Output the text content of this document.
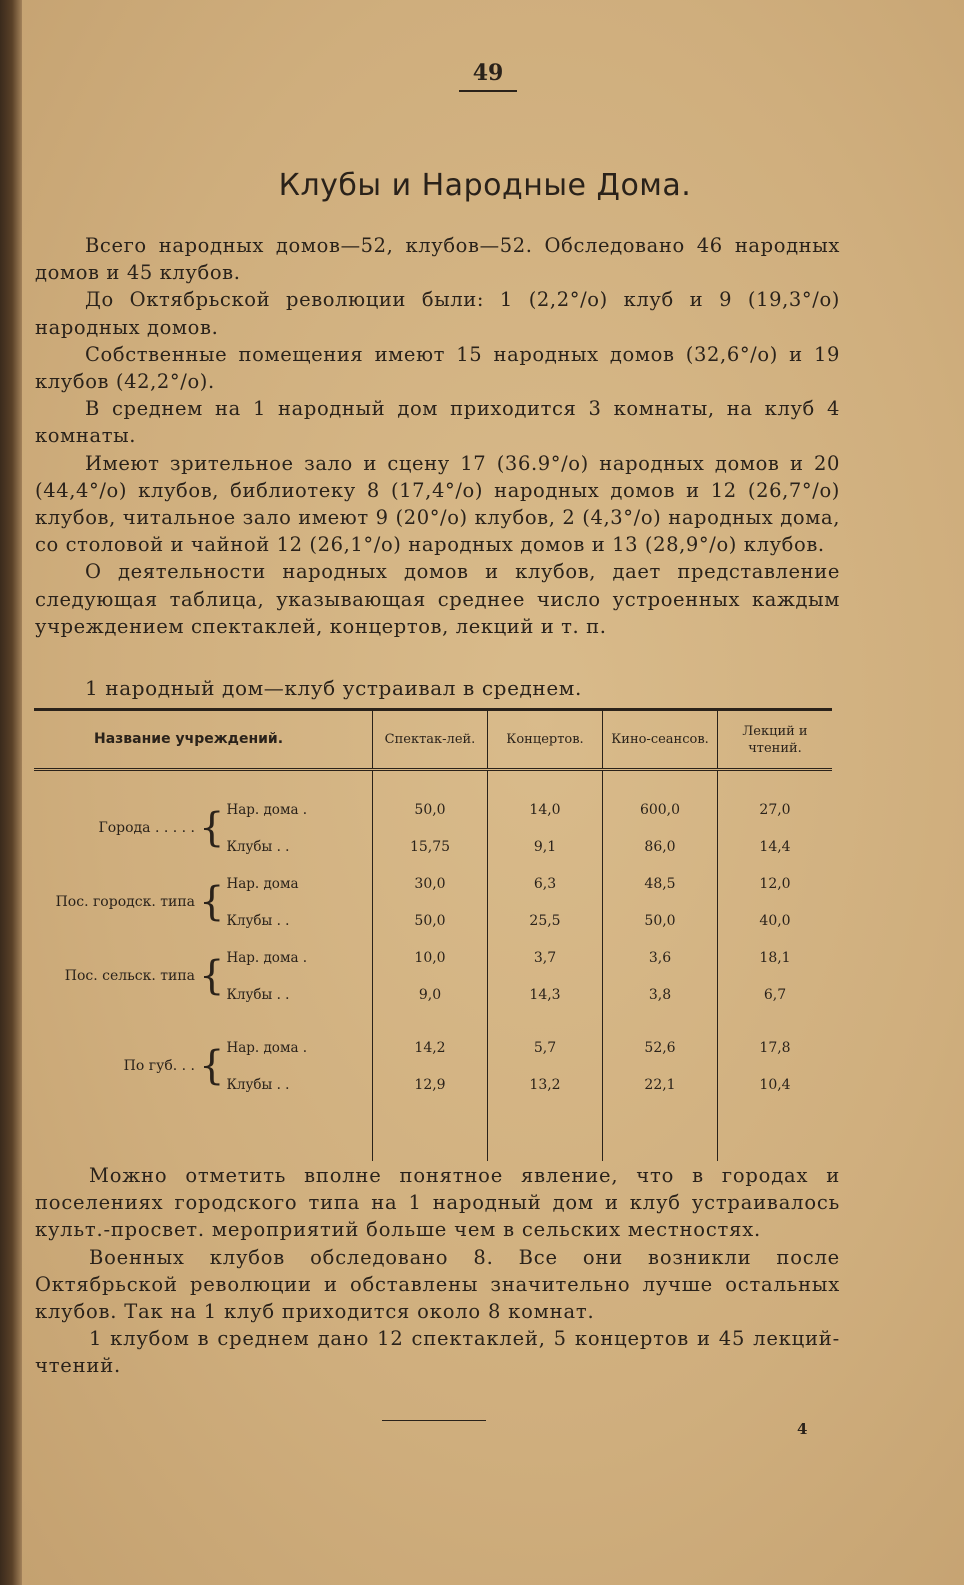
49
Клубы и Народные Дома.

Всего народных домов—52, клубов—52. Обследовано 46 народных домов и 45 клубов.

До Октябрьской революции были: 1 (2,2°/о) клуб и 9 (19,3°/о) народных домов.

Собственные помещения имеют 15 народных домов (32,6°/о) и 19 клубов (42,2°/о).

В среднем на 1 народный дом приходится 3 комнаты, на клуб 4 комнаты.

Имеют зрительное зало и сцену 17 (36.9°/о) народных домов и 20 (44,4°/о) клубов, библиотеку 8 (17,4°/о) народных домов и 12 (26,7°/о) клубов, читальное зало имеют 9 (20°/о) клубов, 2 (4,3°/о) народных дома, со столовой и чайной 12 (26,1°/о) народных домов и 13 (28,9°/о) клубов.

О деятельности народных домов и клубов, дает представление следующая таблица, указывающая среднее число устроенных каждым учреждением спектаклей, концертов, лекций и т. п.

1 народный дом—клуб устраивал в среднем.
Название учреждений.			Спектак-лей.	Концертов.	Кино-сеансов.	Лекций и чтений.

Города . . . . .	{	Нар. дома .	50,0	14,0	600,0	27,0
		Клубы . .	15,75	9,1	86,0	14,4
Пос. городск. типа	{	Нар. дома	30,0	6,3	48,5	12,0
		Клубы . .	50,0	25,5	50,0	40,0
Пос. сельск. типа	{	Нар. дома .	10,0	3,7	3,6	18,1
		Клубы . .	9,0	14,3	3,8	6,7

По губ. . .	{	Нар. дома .	14,2	5,7	52,6	17,8
		Клубы . .	12,9	13,2	22,1	10,4

Можно отметить вполне понятное явление, что в городах и поселениях городского типа на 1 народный дом и клуб устраивалось культ.-просвет. мероприятий больше чем в сельских местностях.

Военных клубов обследовано 8. Все они возникли после Октябрьской революции и обставлены значительно лучше остальных клубов. Так на 1 клуб приходится около 8 комнат.

1 клубом в среднем дано 12 спектаклей, 5 концертов и 45 лекций-чтений.

4
